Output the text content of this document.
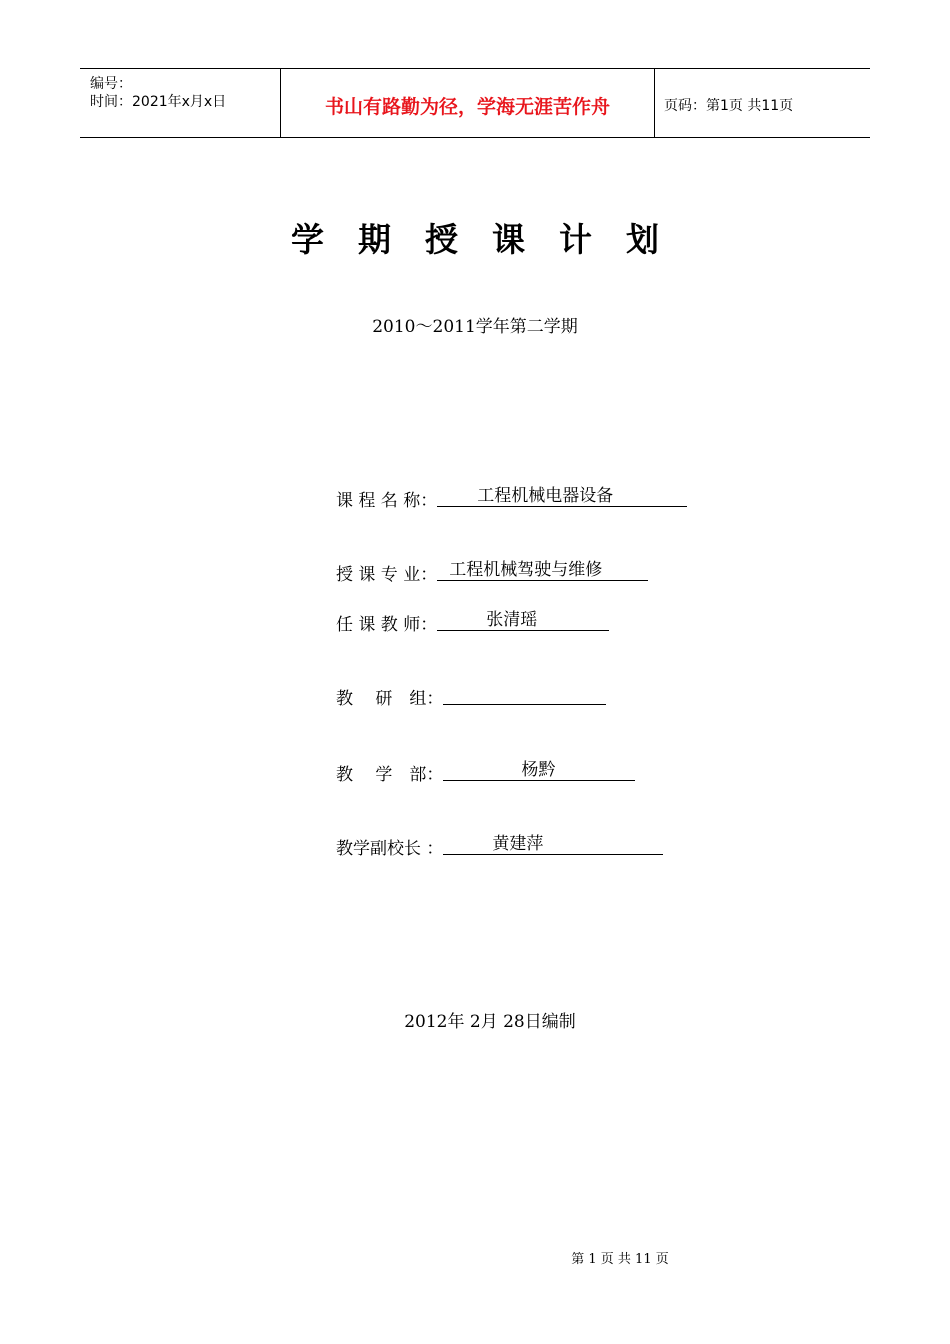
编号：
时间：2021年x月x日	书山有路勤为径，学海无涯苦作舟	页码：第1页 共11页
学期授课计划
2010～2011学年第二学期
课 程 名 称： 工程机械电器设备
授 课 专 业： 工程机械驾驶与维修
任 课 教 师：	张清瑶
教　 研　组：
教　 学　部：	杨黔
教学副校长 ：	黄建萍
2012年 2月 28日编制
第 1 页 共 11 页
